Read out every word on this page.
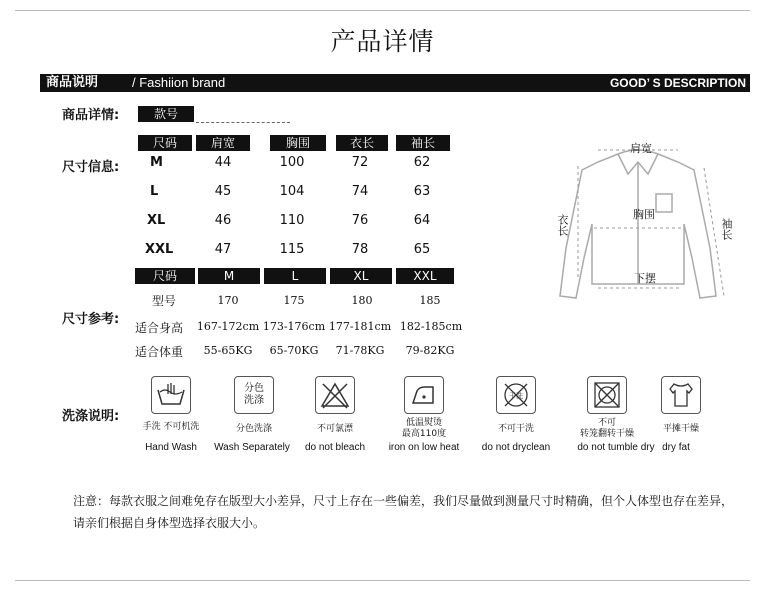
产品详情
商品说明	/ Fashiion brand	GOOD’ S DESCRIPTION
商品详情:	款号
尺寸信息:
尺码	肩宽	胸围	衣长	袖长
M	44	100	72	62
L	45	104	74	63
XL	46	110	76	64
XXL	47	115	78	65
尺寸参考:
尺码	M	L	XL	XXL
型号	170	175	180	185
适合身高	167-172cm 173-176cm 177-181cm 182-185cm
适合体重	55-65KG	65-70KG	71-78KG	79-82KG
肩宽
胸围
下摆
衣长	袖长
洗涤说明:
手洗 不可机洗
Hand Wash
分色
洗涤
分色洗涤
Wash Separately
不可氯漂
do not bleach
低温熨烫
最高110度
iron on low heat
干洗
不可干洗
do not dryclean
不可
转笼翻转干燥
do not tumble dry
平摊干燥
dry fat
注意：每款衣服之间难免存在版型大小差异，尺寸上存在一些偏差，我们尽量做到测量尺寸时精确，但个人体型也存在差异，请亲们根据自身体型选择衣服大小。
